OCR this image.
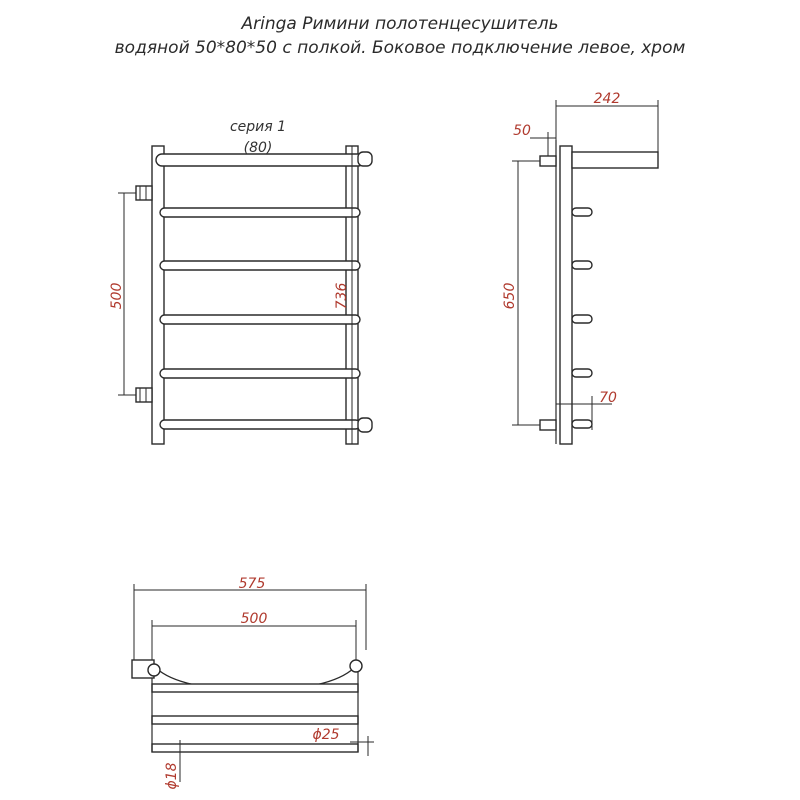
Aringa Римини полотенцесушитель
водяной 50*80*50 с полкой. Боковое подключение левое, хром
серия 1
(80)
500	736
242
50
650
70
575
500
ϕ25
ϕ18
